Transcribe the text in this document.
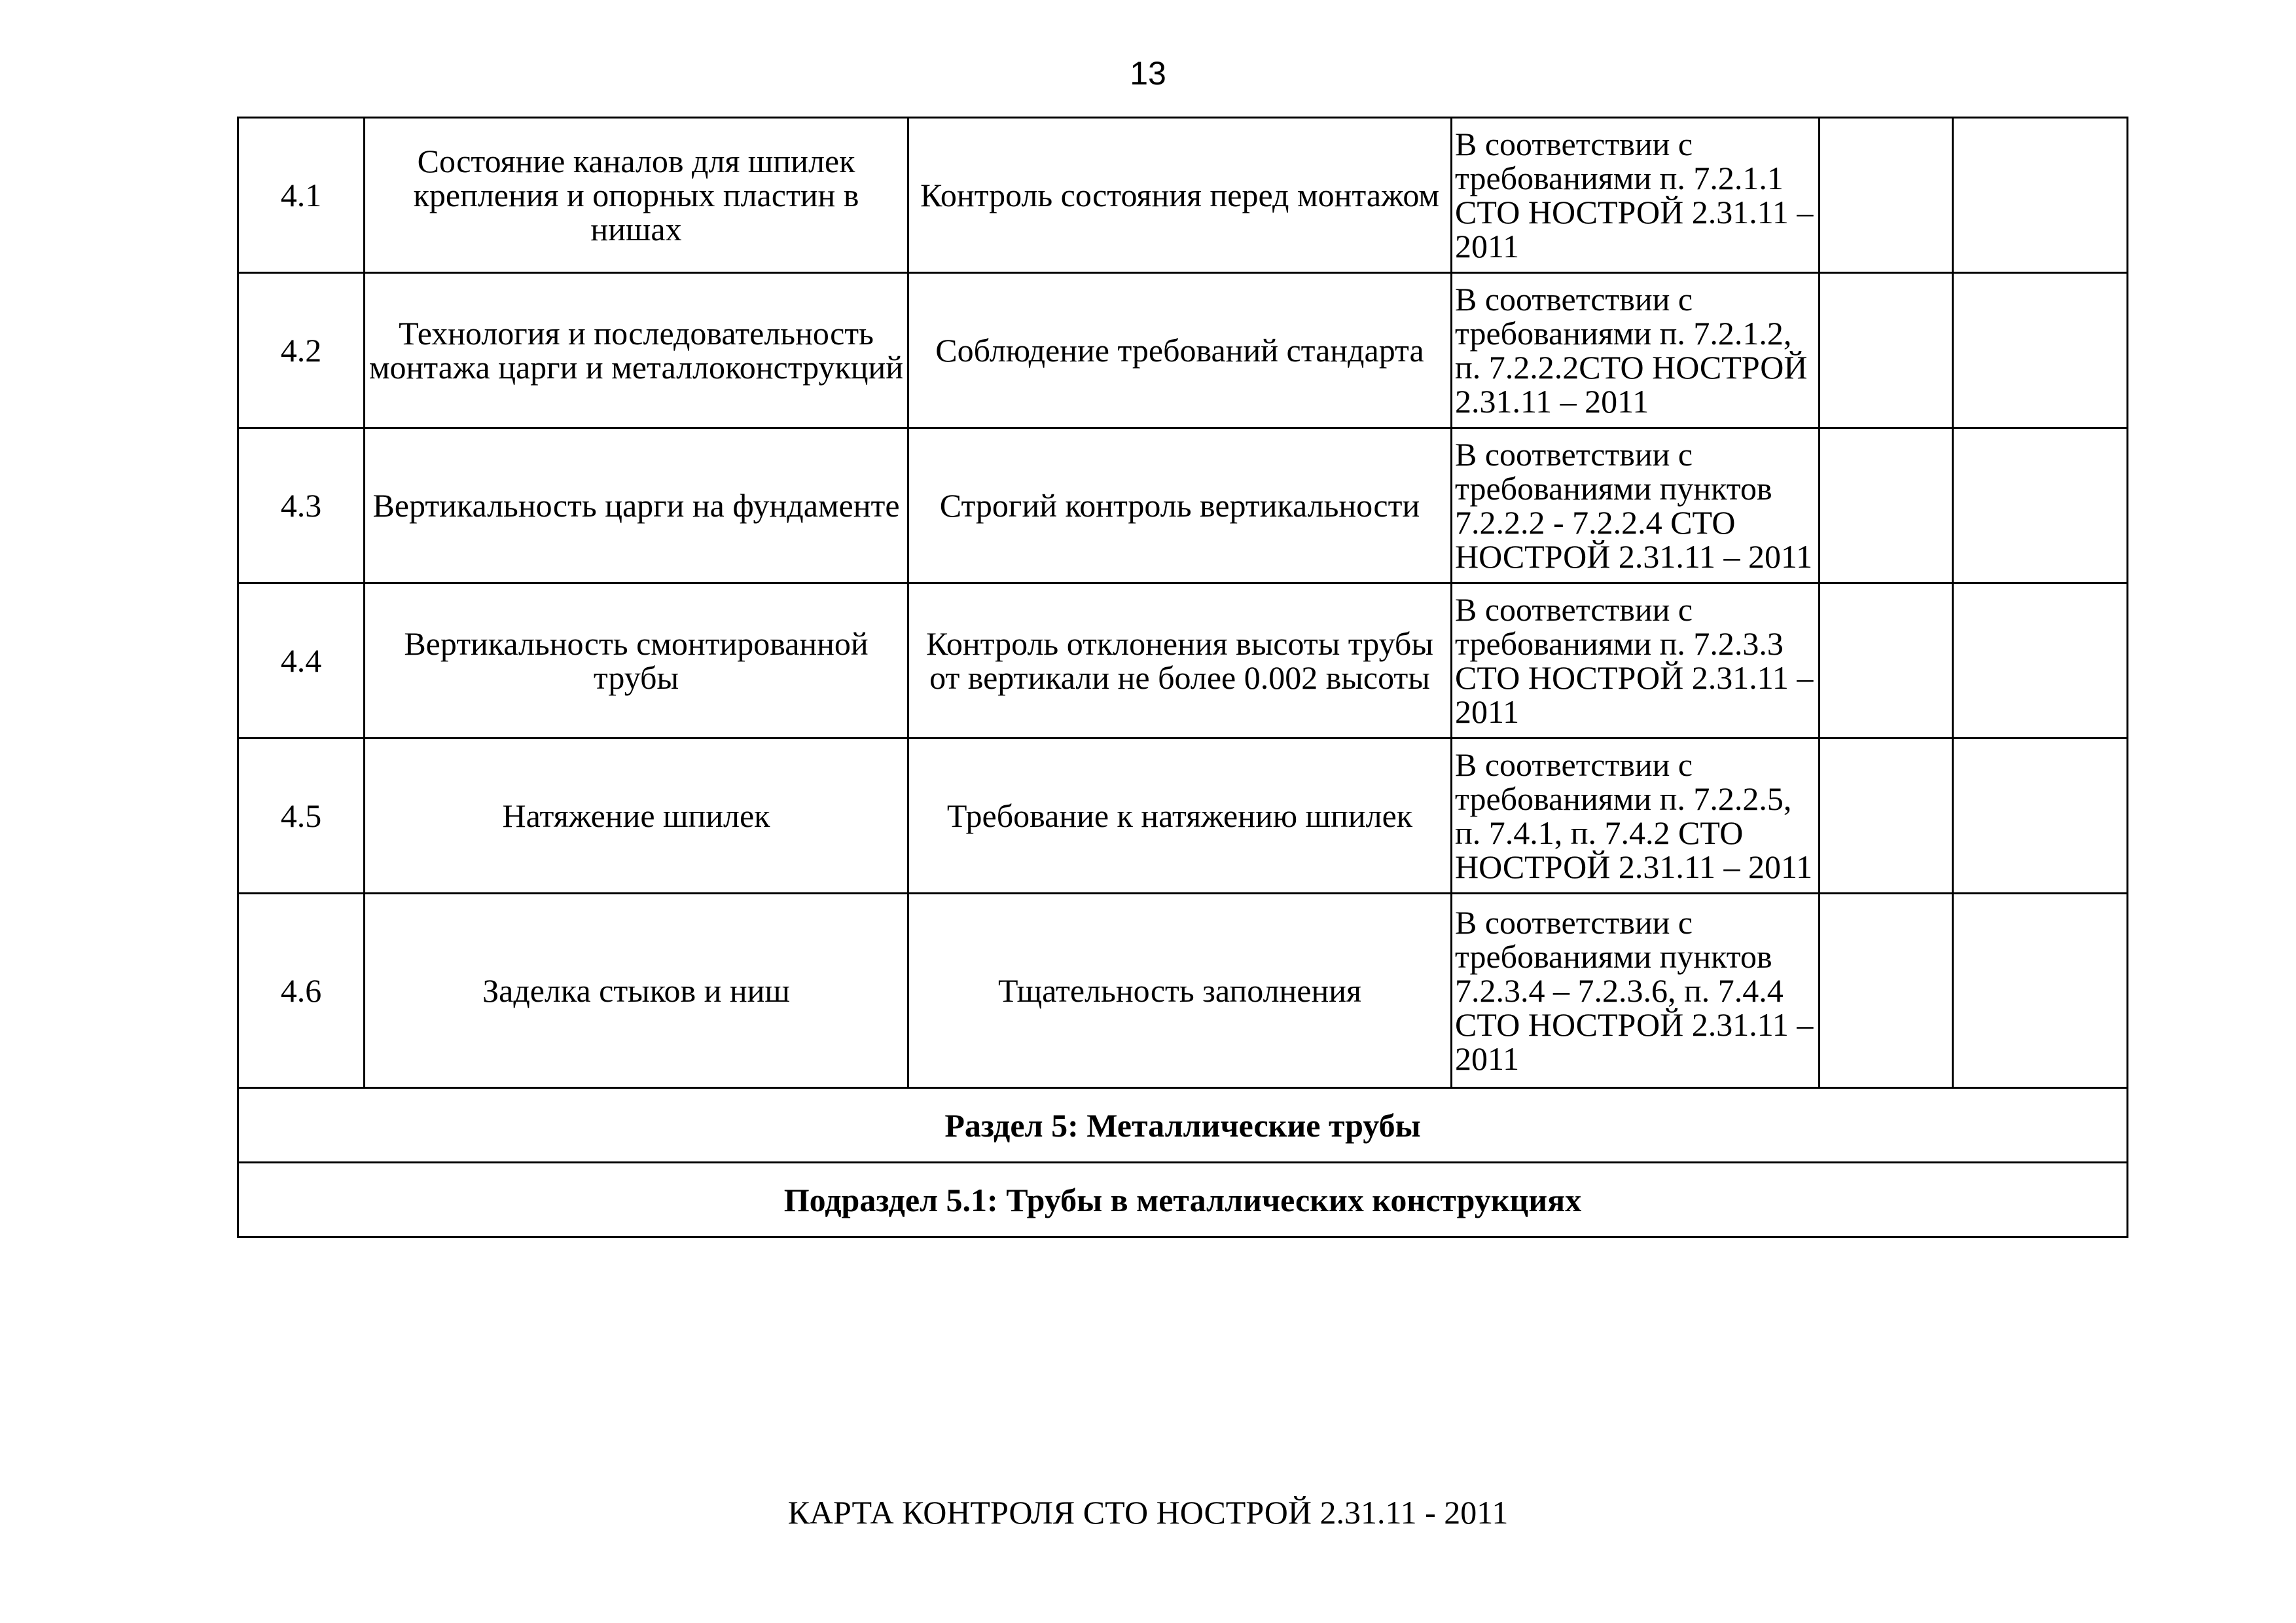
13
4.1	Состояние каналов для шпилек крепления и опорных пластин в нишах	Контроль состояния перед монтажом	В соответствии с требованиями п. 7.2.1.1 СТО НОСТРОЙ 2.31.11 – 2011		
4.2	Технология и последовательность монтажа царги и металлоконструкций	Соблюдение требований стандарта	В соответствии с требованиями п. 7.2.1.2, п. 7.2.2.2СТО НОСТРОЙ 2.31.11 – 2011		
4.3	Вертикальность царги на фундаменте	Строгий контроль вертикальности	В соответствии с требованиями пунктов 7.2.2.2 - 7.2.2.4 СТО НОСТРОЙ 2.31.11 – 2011		
4.4	Вертикальность смонтированной трубы	Контроль отклонения высоты трубы от вертикали не более 0.002 высоты	В соответствии с требованиями п. 7.2.3.3 СТО НОСТРОЙ 2.31.11 – 2011		
4.5	Натяжение шпилек	Требование к натяжению шпилек	В соответствии с требованиями п. 7.2.2.5, п. 7.4.1, п. 7.4.2 СТО НОСТРОЙ 2.31.11 – 2011		
4.6	Заделка стыков и ниш	Тщательность заполнения	В соответствии с требованиями пунктов 7.2.3.4 – 7.2.3.6, п. 7.4.4 СТО НОСТРОЙ 2.31.11 – 2011		
Раздел 5: Металлические трубы					
Подраздел 5.1: Трубы в металлических конструкциях					
КАРТА КОНТРОЛЯ СТО НОСТРОЙ 2.31.11 - 2011
